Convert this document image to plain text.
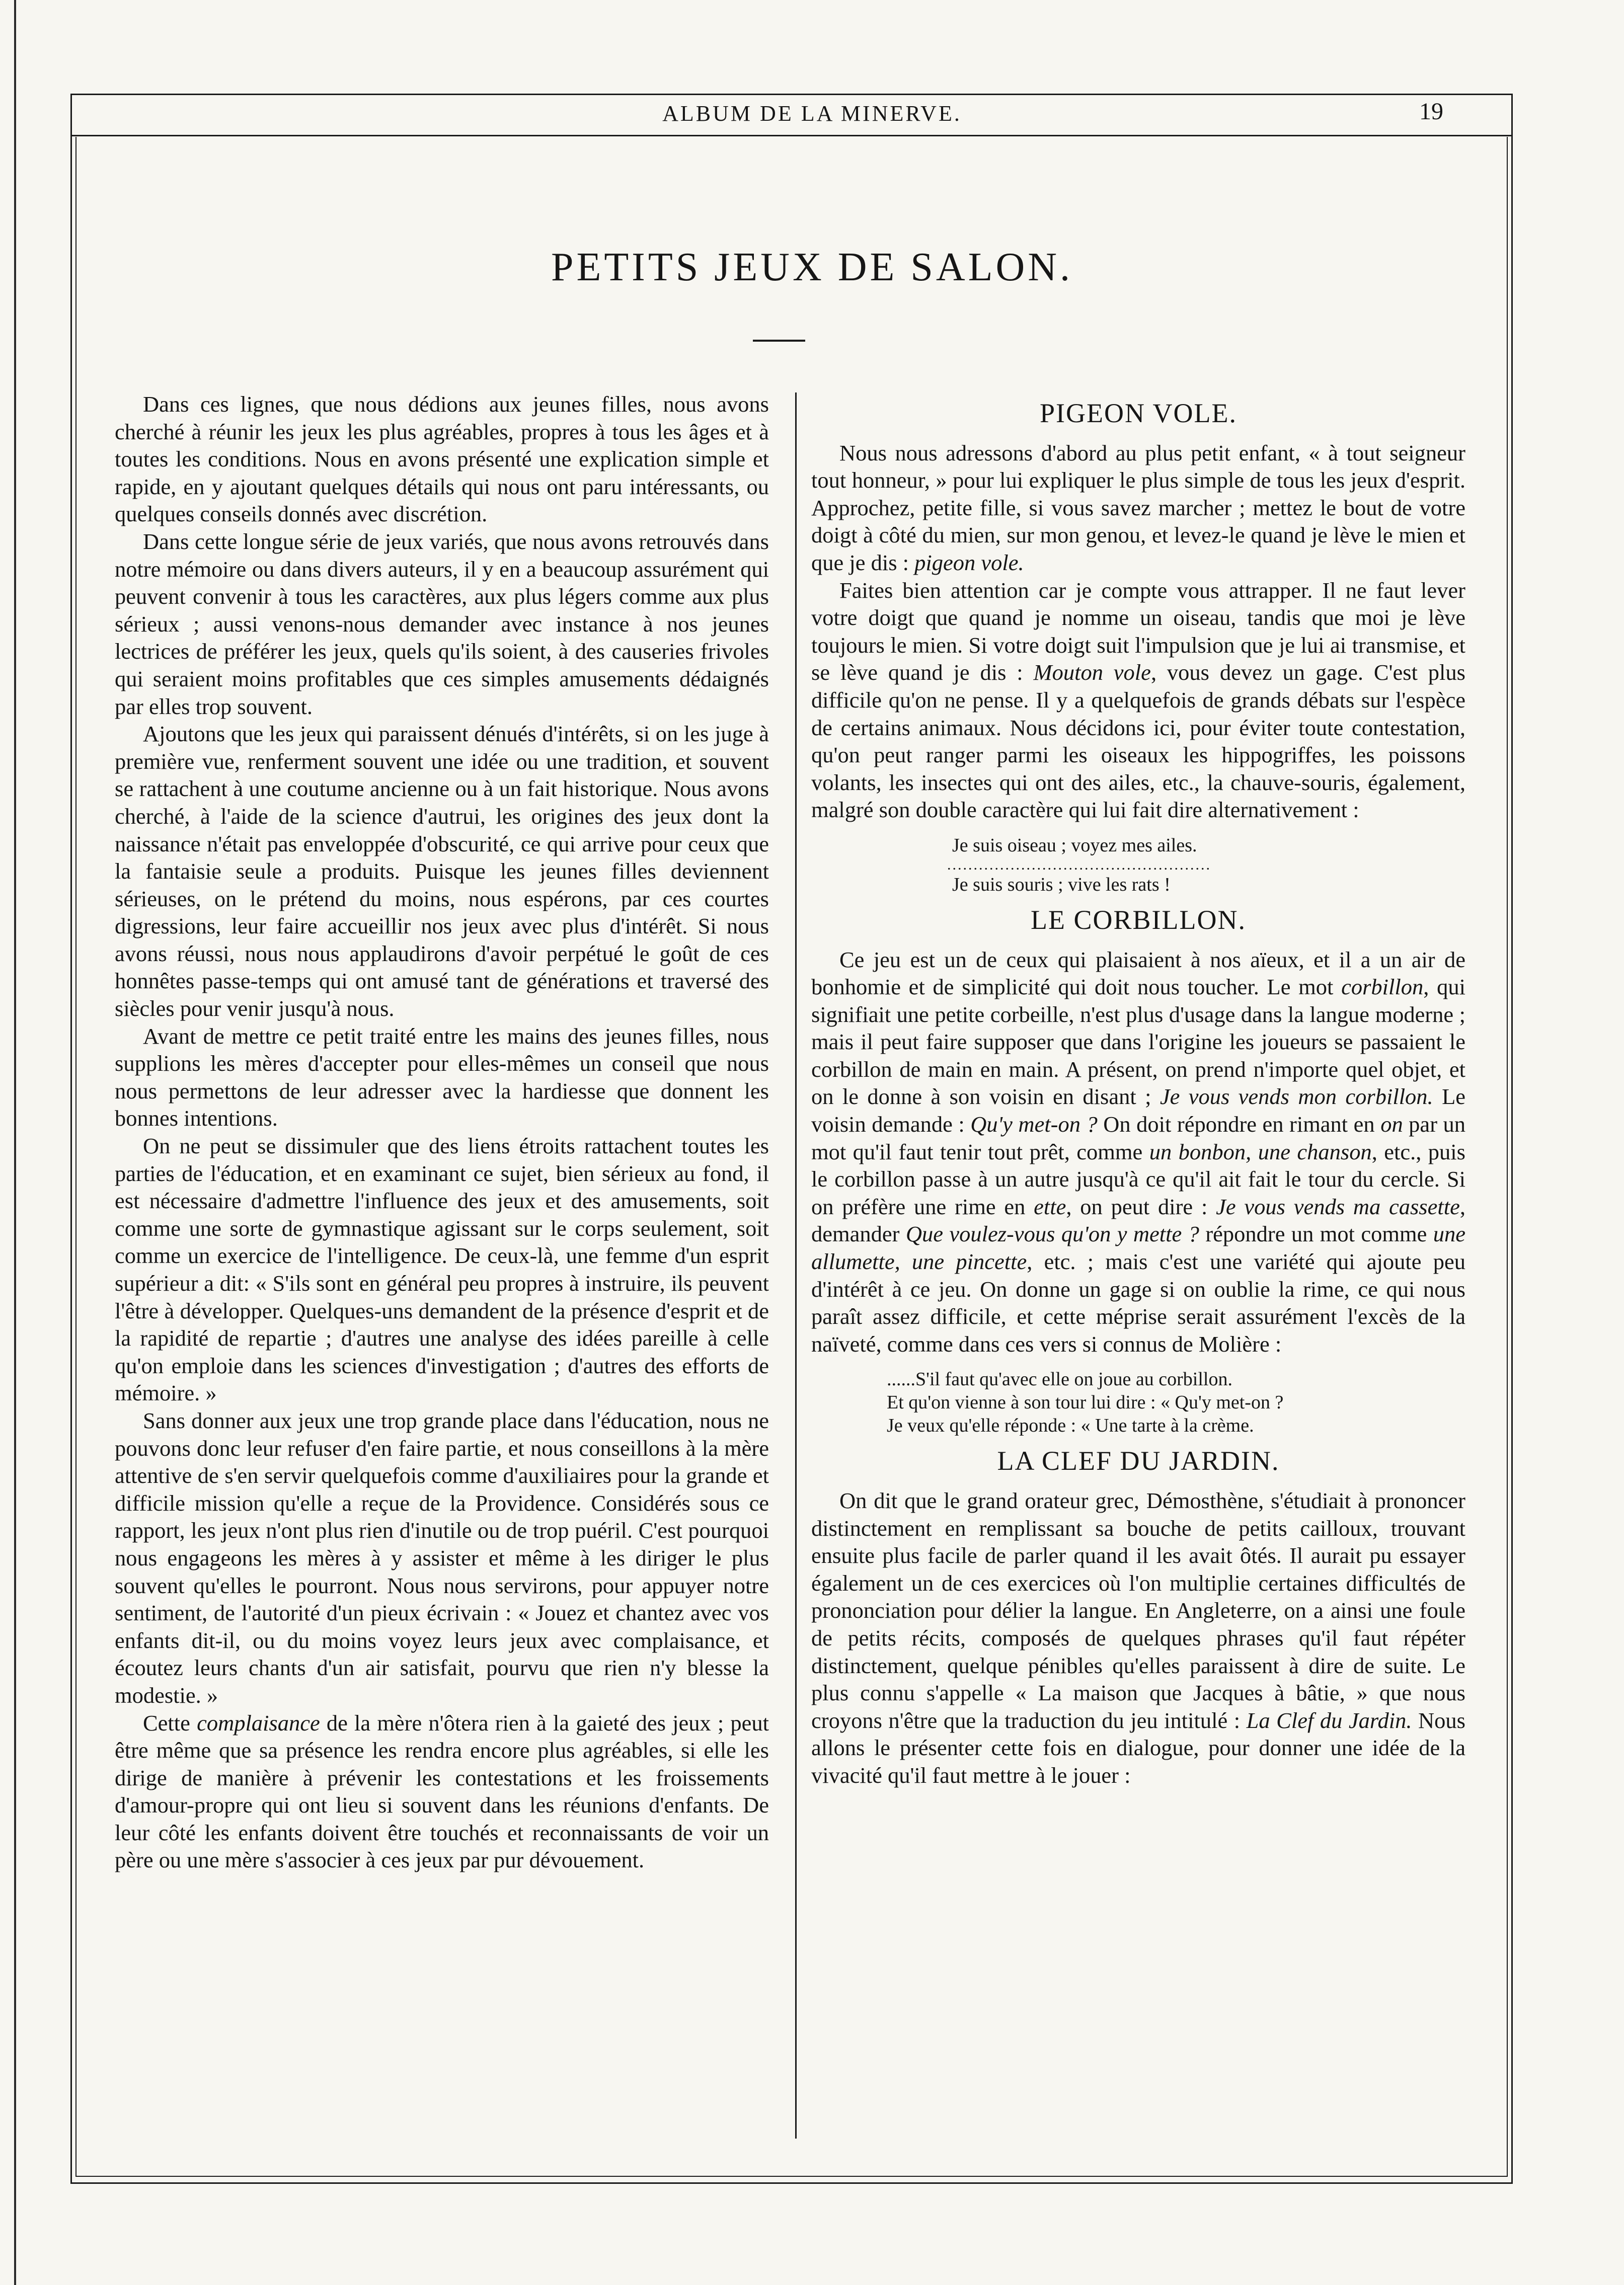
ALBUM DE LA MINERVE.	19
PETITS JEUX DE SALON.

Dans ces lignes, que nous dédions aux jeunes filles, nous avons cherché à réunir les jeux les plus agréables, propres à tous les âges et à toutes les conditions. Nous en avons présenté une explication simple et rapide, en y ajoutant quelques détails qui nous ont paru intéressants, ou quelques conseils donnés avec discrétion.

Dans cette longue série de jeux variés, que nous avons retrouvés dans notre mémoire ou dans divers auteurs, il y en a beaucoup assurément qui peuvent convenir à tous les caractères, aux plus légers comme aux plus sérieux ; aussi venons-nous demander avec instance à nos jeunes lectrices de préférer les jeux, quels qu'ils soient, à des causeries frivoles qui seraient moins profitables que ces simples amusements dédaignés par elles trop souvent.

Ajoutons que les jeux qui paraissent dénués d'intérêts, si on les juge à première vue, renferment souvent une idée ou une tradition, et souvent se rattachent à une coutume ancienne ou à un fait historique. Nous avons cherché, à l'aide de la science d'autrui, les origines des jeux dont la naissance n'était pas enveloppée d'obscurité, ce qui arrive pour ceux que la fantaisie seule a produits. Puisque les jeunes filles deviennent sérieuses, on le prétend du moins, nous espérons, par ces courtes digressions, leur faire accueillir nos jeux avec plus d'intérêt. Si nous avons réussi, nous nous applaudirons d'avoir perpétué le goût de ces honnêtes passe-temps qui ont amusé tant de générations et traversé des siècles pour venir jusqu'à nous.

Avant de mettre ce petit traité entre les mains des jeunes filles, nous supplions les mères d'accepter pour elles-mêmes un conseil que nous nous permettons de leur adresser avec la hardiesse que donnent les bonnes intentions.

On ne peut se dissimuler que des liens étroits rattachent toutes les parties de l'éducation, et en examinant ce sujet, bien sérieux au fond, il est nécessaire d'admettre l'influence des jeux et des amusements, soit comme une sorte de gymnastique agissant sur le corps seulement, soit comme un exercice de l'intelligence. De ceux-là, une femme d'un esprit supérieur a dit: « S'ils sont en général peu propres à instruire, ils peuvent l'être à développer. Quelques-uns demandent de la présence d'esprit et de la rapidité de repartie ; d'autres une analyse des idées pareille à celle qu'on emploie dans les sciences d'investigation ; d'autres des efforts de mémoire. »

Sans donner aux jeux une trop grande place dans l'éducation, nous ne pouvons donc leur refuser d'en faire partie, et nous conseillons à la mère attentive de s'en servir quelquefois comme d'auxiliaires pour la grande et difficile mission qu'elle a reçue de la Providence. Considérés sous ce rapport, les jeux n'ont plus rien d'inutile ou de trop puéril. C'est pourquoi nous engageons les mères à y assister et même à les diriger le plus souvent qu'elles le pourront. Nous nous servirons, pour appuyer notre sentiment, de l'autorité d'un pieux écrivain : « Jouez et chantez avec vos enfants dit-il, ou du moins voyez leurs jeux avec complaisance, et écoutez leurs chants d'un air satisfait, pourvu que rien n'y blesse la modestie. »

Cette complaisance de la mère n'ôtera rien à la gaieté des jeux ; peut être même que sa présence les rendra encore plus agréables, si elle les dirige de manière à prévenir les contestations et les froissements d'amour-propre qui ont lieu si souvent dans les réunions d'enfants. De leur côté les enfants doivent être touchés et reconnaissants de voir un père ou une mère s'associer à ces jeux par pur dévouement.

PIGEON VOLE.

Nous nous adressons d'abord au plus petit enfant, « à tout seigneur tout honneur, » pour lui expliquer le plus simple de tous les jeux d'esprit. Approchez, petite fille, si vous savez marcher ; mettez le bout de votre doigt à côté du mien, sur mon genou, et levez-le quand je lève le mien et que je dis : pigeon vole.

Faites bien attention car je compte vous attrapper. Il ne faut lever votre doigt que quand je nomme un oiseau, tandis que moi je lève toujours le mien. Si votre doigt suit l'impulsion que je lui ai transmise, et se lève quand je dis : Mouton vole, vous devez un gage. C'est plus difficile qu'on ne pense. Il y a quelquefois de grands débats sur l'espèce de certains animaux. Nous décidons ici, pour éviter toute contestation, qu'on peut ranger parmi les oiseaux les hippogriffes, les poissons volants, les insectes qui ont des ailes, etc., la chauve-souris, également, malgré son double caractère qui lui fait dire alternativement :

Je suis oiseau ; voyez mes ailes.
..................................................
Je suis souris ; vive les rats !
LE CORBILLON.

Ce jeu est un de ceux qui plaisaient à nos aïeux, et il a un air de bonhomie et de simplicité qui doit nous toucher. Le mot corbillon, qui signifiait une petite corbeille, n'est plus d'usage dans la langue moderne ; mais il peut faire supposer que dans l'origine les joueurs se passaient le corbillon de main en main. A présent, on prend n'importe quel objet, et on le donne à son voisin en disant ; Je vous vends mon corbillon. Le voisin demande : Qu'y met-on ? On doit répondre en rimant en on par un mot qu'il faut tenir tout prêt, comme un bonbon, une chanson, etc., puis le corbillon passe à un autre jusqu'à ce qu'il ait fait le tour du cercle. Si on préfère une rime en ette, on peut dire : Je vous vends ma cassette, demander Que voulez-vous qu'on y mette ? répondre un mot comme une allumette, une pincette, etc. ; mais c'est une variété qui ajoute peu d'intérêt à ce jeu. On donne un gage si on oublie la rime, ce qui nous paraît assez difficile, et cette méprise serait assurément l'excès de la naïveté, comme dans ces vers si connus de Molière :

......S'il faut qu'avec elle on joue au corbillon.
Et qu'on vienne à son tour lui dire : « Qu'y met-on ?
Je veux qu'elle réponde : « Une tarte à la crème.
LA CLEF DU JARDIN.

On dit que le grand orateur grec, Démosthène, s'étudiait à prononcer distinctement en remplissant sa bouche de petits cailloux, trouvant ensuite plus facile de parler quand il les avait ôtés. Il aurait pu essayer également un de ces exercices où l'on multiplie certaines difficultés de prononciation pour délier la langue. En Angleterre, on a ainsi une foule de petits récits, composés de quelques phrases qu'il faut répéter distinctement, quelque pénibles qu'elles paraissent à dire de suite. Le plus connu s'appelle « La maison que Jacques à bâtie, » que nous croyons n'être que la traduction du jeu intitulé : La Clef du Jardin. Nous allons le présenter cette fois en dialogue, pour donner une idée de la vivacité qu'il faut mettre à le jouer :
